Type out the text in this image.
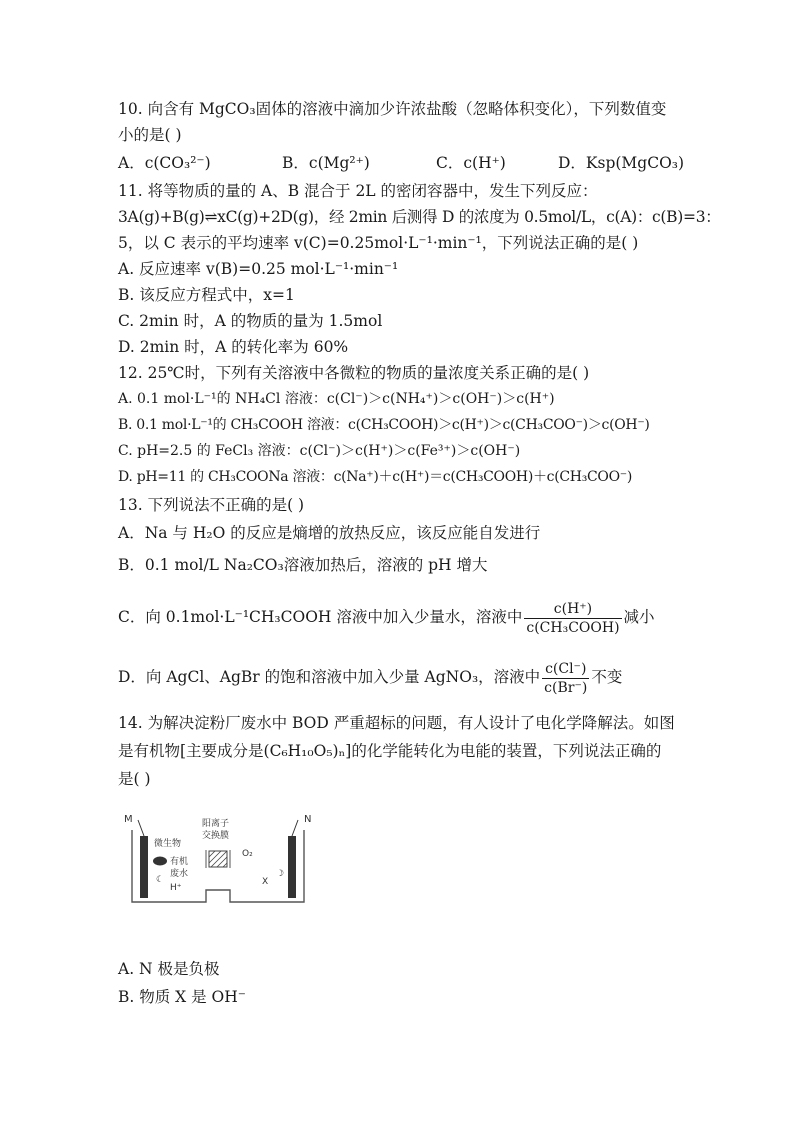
10. 向含有 MgCO₃固体的溶液中滴加少许浓盐酸（忽略体积变化），下列数值变
小的是( )
A．c(CO₃²⁻)	B．c(Mg²⁺)	C．c(H⁺)	D．Ksp(MgCO₃)
11. 将等物质的量的 A、B 混合于 2L 的密闭容器中，发生下列反应：
3A(g)+B(g)⇌xC(g)+2D(g)，经 2min 后测得 D 的浓度为 0.5mol/L，c(A)：c(B)=3：
5，以 C 表示的平均速率 v(C)=0.25mol·L⁻¹·min⁻¹，下列说法正确的是( )
A. 反应速率 v(B)=0.25 mol·L⁻¹·min⁻¹
B. 该反应方程式中，x=1
C. 2min 时，A 的物质的量为 1.5mol
D. 2min 时，A 的转化率为 60%
12. 25℃时，下列有关溶液中各微粒的物质的量浓度关系正确的是( )
A. 0.1 mol·L⁻¹的 NH₄Cl 溶液：c(Cl⁻)＞c(NH₄⁺)＞c(OH⁻)＞c(H⁺)
B. 0.1 mol·L⁻¹的 CH₃COOH 溶液：c(CH₃COOH)＞c(H⁺)＞c(CH₃COO⁻)＞c(OH⁻)
C. pH=2.5 的 FeCl₃ 溶液：c(Cl⁻)＞c(H⁺)＞c(Fe³⁺)＞c(OH⁻)
D. pH=11 的 CH₃COONa 溶液：c(Na⁺)＋c(H⁺)＝c(CH₃COOH)＋c(CH₃COO⁻)
13. 下列说法不正确的是( )
A．Na 与 H₂O 的反应是熵增的放热反应，该反应能自发进行
B．0.1 mol/L Na₂CO₃溶液加热后，溶液的 pH 增大
C．向 0.1mol·L⁻¹CH₃COOH 溶液中加入少量水，溶液中 $\frac{c(H^+)}{\text{c(CH₃COOH)}}$ 减小
D．向 AgCl、AgBr 的饱和溶液中加入少量 AgNO₃，溶液中 $\frac{c(Cl^-)}{c(Br^-)}$ 不变
14. 为解决淀粉厂废水中 BOD 严重超标的问题，有人设计了电化学降解法。如图
是有机物[主要成分是(C₆H₁₀O₅)ₙ]的化学能转化为电能的装置，下列说法正确的
是( )
☾
☽
M	N
阳离子
交换膜
微生物
有机
废水
H⁺
O₂
X
A. N 极是负极
B. 物质 X 是 OH⁻
